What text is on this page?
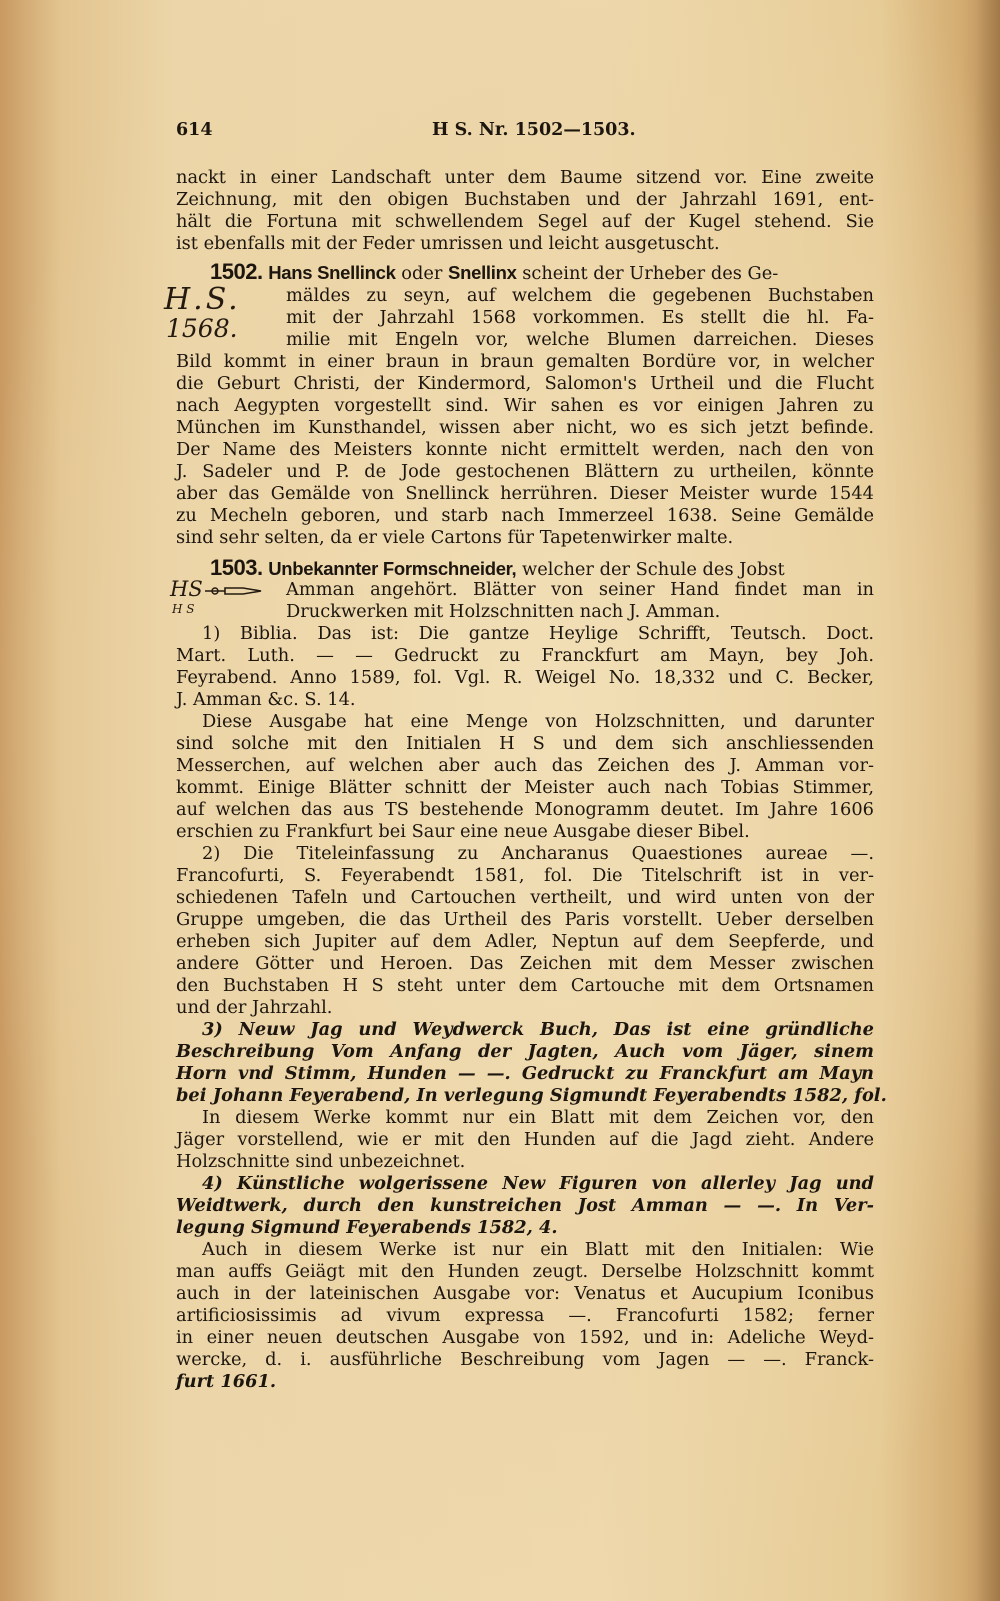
614	H S. Nr. 1502—1503.
nackt in einer Landschaft unter dem Baume sitzend vor. Eine zweite
Zeichnung, mit den obigen Buchstaben und der Jahrzahl 1691, ent-
hält die Fortuna mit schwellendem Segel auf der Kugel stehend. Sie
ist ebenfalls mit der Feder umrissen und leicht ausgetuscht.
1502. Hans Snellinck oder Snellinx scheint der Urheber des Ge-
H.S.
1568.
mäldes zu seyn, auf welchem die gegebenen Buchstaben
mit der Jahrzahl 1568 vorkommen. Es stellt die hl. Fa-
milie mit Engeln vor, welche Blumen darreichen. Dieses
Bild kommt in einer braun in braun gemalten Bordüre vor, in welcher
die Geburt Christi, der Kindermord, Salomon's Urtheil und die Flucht
nach Aegypten vorgestellt sind. Wir sahen es vor einigen Jahren zu
München im Kunsthandel, wissen aber nicht, wo es sich jetzt befinde.
Der Name des Meisters konnte nicht ermittelt werden, nach den von
J. Sadeler und P. de Jode gestochenen Blättern zu urtheilen, könnte
aber das Gemälde von Snellinck herrühren. Dieser Meister wurde 1544
zu Mecheln geboren, und starb nach Immerzeel 1638. Seine Gemälde
sind sehr selten, da er viele Cartons für Tapetenwirker malte.
1503. Unbekannter Formschneider, welcher der Schule des Jobst
HS
H S
Amman angehört. Blätter von seiner Hand findet man in
Druckwerken mit Holzschnitten nach J. Amman.
1) Biblia. Das ist: Die gantze Heylige Schrifft, Teutsch. Doct.
Mart. Luth. — — Gedruckt zu Franckfurt am Mayn, bey Joh.
Feyrabend. Anno 1589, fol. Vgl. R. Weigel No. 18,332 und C. Becker,
J. Amman &c. S. 14.
Diese Ausgabe hat eine Menge von Holzschnitten, und darunter
sind solche mit den Initialen H S und dem sich anschliessenden
Messerchen, auf welchen aber auch das Zeichen des J. Amman vor-
kommt. Einige Blätter schnitt der Meister auch nach Tobias Stimmer,
auf welchen das aus TS bestehende Monogramm deutet. Im Jahre 1606
erschien zu Frankfurt bei Saur eine neue Ausgabe dieser Bibel.
2) Die Titeleinfassung zu Ancharanus Quaestiones aureae —.
Francofurti, S. Feyerabendt 1581, fol. Die Titelschrift ist in ver-
schiedenen Tafeln und Cartouchen vertheilt, und wird unten von der
Gruppe umgeben, die das Urtheil des Paris vorstellt. Ueber derselben
erheben sich Jupiter auf dem Adler, Neptun auf dem Seepferde, und
andere Götter und Heroen. Das Zeichen mit dem Messer zwischen
den Buchstaben H S steht unter dem Cartouche mit dem Ortsnamen
und der Jahrzahl.
3) Neuw Jag und Weydwerck Buch, Das ist eine gründliche
Beschreibung Vom Anfang der Jagten, Auch vom Jäger, sinem
Horn vnd Stimm, Hunden — —. Gedruckt zu Franckfurt am Mayn
bei Johann Feyerabend, In verlegung Sigmundt Feyerabendts 1582, fol.
In diesem Werke kommt nur ein Blatt mit dem Zeichen vor, den
Jäger vorstellend, wie er mit den Hunden auf die Jagd zieht. Andere
Holzschnitte sind unbezeichnet.
4) Künstliche wolgerissene New Figuren von allerley Jag und
Weidtwerk, durch den kunstreichen Jost Amman — —. In Ver-
legung Sigmund Feyerabends 1582, 4.
Auch in diesem Werke ist nur ein Blatt mit den Initialen: Wie
man auffs Geiägt mit den Hunden zeugt. Derselbe Holzschnitt kommt
auch in der lateinischen Ausgabe vor: Venatus et Aucupium Iconibus
artificiosissimis ad vivum expressa —. Francofurti 1582; ferner
in einer neuen deutschen Ausgabe von 1592, und in: Adeliche Weyd-
wercke, d. i. ausführliche Beschreibung vom Jagen — —. Franck-
furt 1661.
